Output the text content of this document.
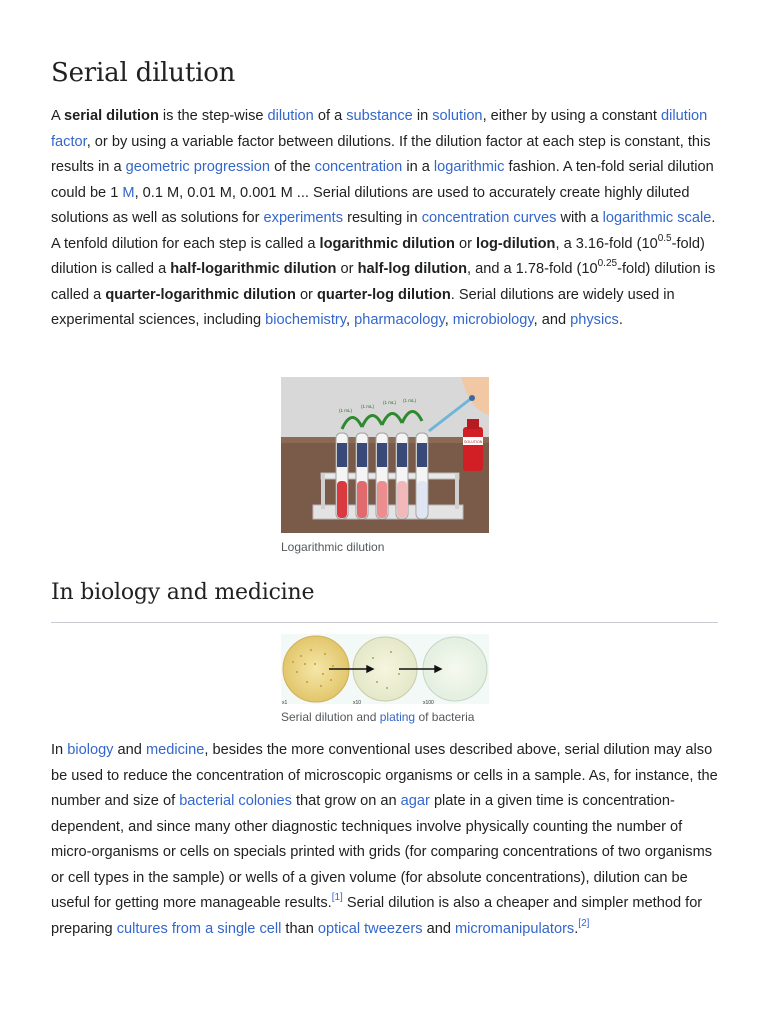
Serial dilution

A serial dilution is the step-wise dilution of a substance in solution, either by using a constant dilution factor, or by using a variable factor between dilutions. If the dilution factor at each step is constant, this results in a geometric progression of the concentration in a logarithmic fashion. A ten-fold serial dilution could be 1 M, 0.1 M, 0.01 M, 0.001 M ... Serial dilutions are used to accurately create highly diluted solutions as well as solutions for experiments resulting in concentration curves with a logarithmic scale. A tenfold dilution for each step is called a logarithmic dilution or log-dilution, a 3.16-fold $(10^{0.5}-fold)$ dilution is called a half-logarithmic dilution or half-log dilution, and a 1.78-fold $(10^{0.25}-fold)$ dilution is called a quarter-logarithmic dilution or quarter-log dilution. Serial dilutions are widely used in experimental sciences, including biochemistry, pharmacology, microbiology, and physics.

(1 mL)
(1 mL)
(1 mL) (1 mL)
SOLUTION
Logarithmic dilution
In biology and medicine
x1	x10	x100
Serial dilution and plating of bacteria

In biology and medicine, besides the more conventional uses described above, serial dilution may also be used to reduce the concentration of microscopic organisms or cells in a sample. As, for instance, the number and size of bacterial colonies that grow on an agar plate in a given time is concentration-dependent, and since many other diagnostic techniques involve physically counting the number of micro-organisms or cells on specials printed with grids (for comparing concentrations of two organisms or cell types in the sample) or wells of a given volume (for absolute concentrations), dilution can be useful for getting more manageable results.[1] Serial dilution is also a cheaper and simpler method for preparing cultures from a single cell than optical tweezers and micromanipulators.[2]
